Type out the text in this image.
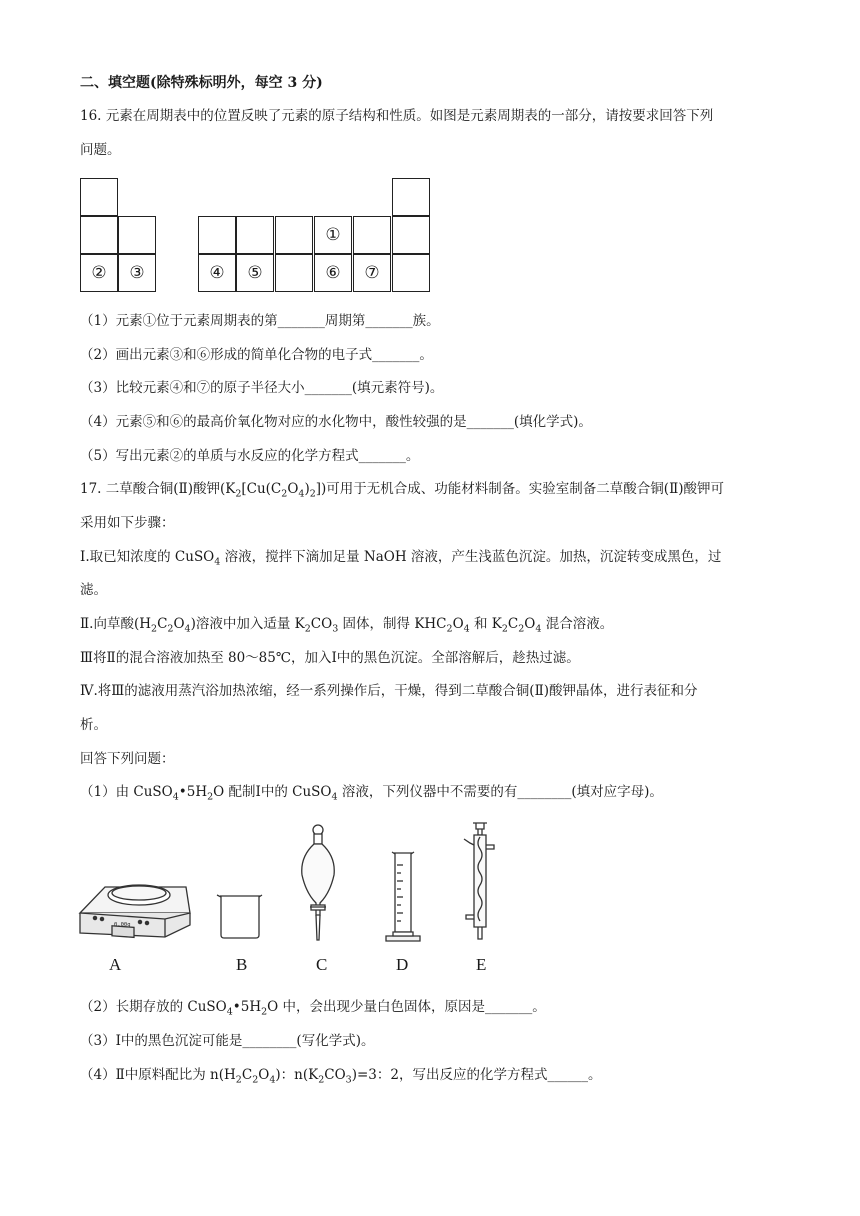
二、填空题(除特殊标明外，每空 3 分)
16. 元素在周期表中的位置反映了元素的原子结构和性质。如图是元素周期表的一部分，请按要求回答下列
问题。
②	③
①
④	⑤	⑥	⑦
（1）元素①位于元素周期表的第_______周期第_______族。
（2）画出元素③和⑥形成的简单化合物的电子式_______。
（3）比较元素④和⑦的原子半径大小_______(填元素符号)。
（4）元素⑤和⑥的最高价氧化物对应的水化物中，酸性较强的是_______(填化学式)。
（5）写出元素②的单质与水反应的化学方程式_______。
17. 二草酸合铜(Ⅱ)酸钾$(K_2[Cu(C_2O_4)_2])$可用于无机合成、功能材料制备。实验室制备二草酸合铜(Ⅱ)酸钾可
采用如下步骤：
Ⅰ.取已知浓度的 CuSO$_4$ 溶液，搅拌下滴加足量 NaOH 溶液，产生浅蓝色沉淀。加热，沉淀转变成黑色，过
滤。
Ⅱ.向草酸$(H_2C_2O_4)$溶液中加入适量 $K_2CO_3$ 固体，制得 $KHC_2O_4$ 和 $K_2C_2O_4$ 混合溶液。
Ⅲ将Ⅱ的混合溶液加热至 80～85℃，加入Ⅰ中的黑色沉淀。全部溶解后，趁热过滤。
Ⅳ.将Ⅲ的滤液用蒸汽浴加热浓缩，经一系列操作后，干燥，得到二草酸合铜(Ⅱ)酸钾晶体，进行表征和分
析。
回答下列问题：
（1）由 $CuSO_4•5H_2O$ 配制Ⅰ中的 CuSO$_4$ 溶液，下列仪器中不需要的有________(填对应字母)。
0.00g
A	B	C	D	E
（2）长期存放的 $CuSO_4•5H_2O$ 中，会出现少量白色固体，原因是_______。
（3）Ⅰ中的黑色沉淀可能是________(写化学式)。
（4）Ⅱ中原料配比为 $n(H_2C_2O_4)$：$n(K_2CO_3)=3$：2，写出反应的化学方程式______。
